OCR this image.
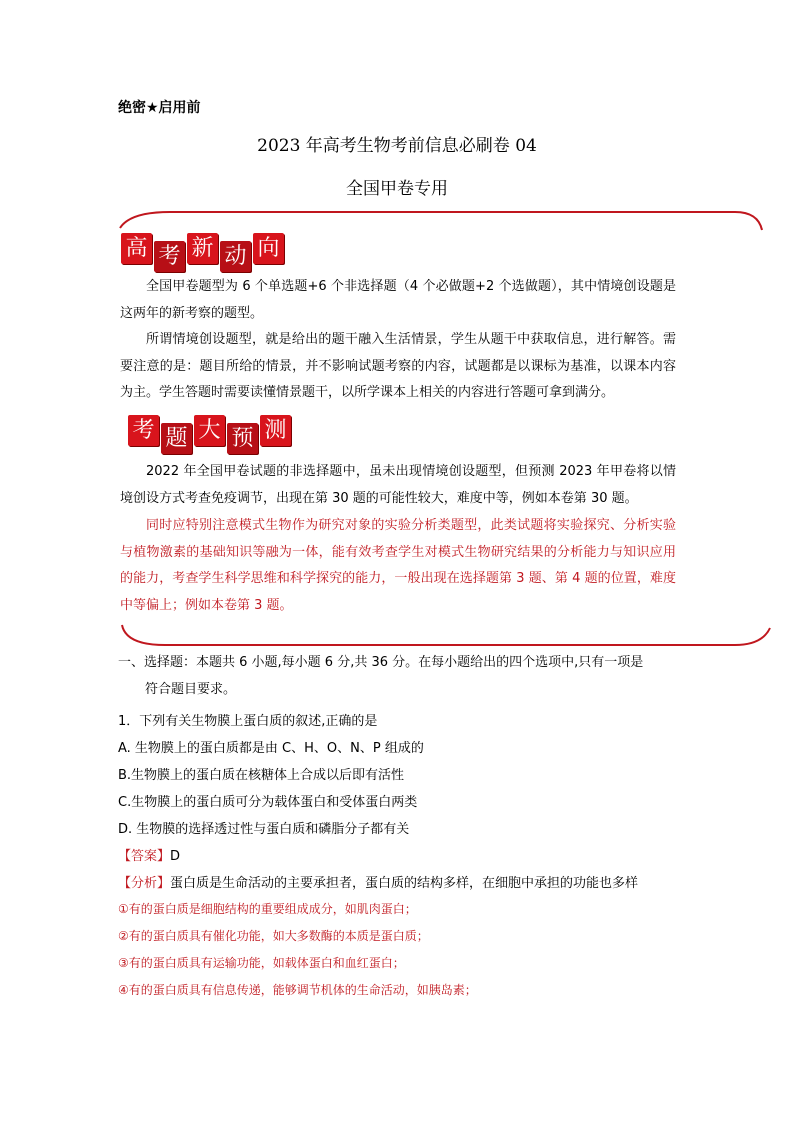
绝密★启用前
2023 年高考生物考前信息必刷卷 04
全国甲卷专用
高 考 新 动 向
全国甲卷题型为 6 个单选题+6 个非选择题（4 个必做题+2 个选做题），其中情境创设题是这两年的新考察的题型。
所谓情境创设题型，就是给出的题干融入生活情景，学生从题干中获取信息，进行解答。需要注意的是：题目所给的情景，并不影响试题考察的内容，试题都是以课标为基准，以课本内容为主。学生答题时需要读懂情景题干，以所学课本上相关的内容进行答题可拿到满分。
考 题 大 预 测
2022 年全国甲卷试题的非选择题中，虽未出现情境创设题型，但预测 2023 年甲卷将以情境创设方式考查免疫调节，出现在第 30 题的可能性较大，难度中等，例如本卷第 30 题。
同时应特别注意模式生物作为研究对象的实验分析类题型，此类试题将实验探究、分析实验与植物激素的基础知识等融为一体，能有效考查学生对模式生物研究结果的分析能力与知识应用的能力，考查学生科学思维和科学探究的能力，一般出现在选择题第 3 题、第 4 题的位置，难度中等偏上；例如本卷第 3 题。
一、选择题：本题共 6 小题,每小题 6 分,共 36 分。在每小题给出的四个选项中,只有一项是
符合题目要求。
1．下列有关生物膜上蛋白质的叙述,正确的是
A. 生物膜上的蛋白质都是由 C、H、O、N、P 组成的
B.生物膜上的蛋白质在核糖体上合成以后即有活性
C.生物膜上的蛋白质可分为载体蛋白和受体蛋白两类
D. 生物膜的选择透过性与蛋白质和磷脂分子都有关
【答案】D
【分析】蛋白质是生命活动的主要承担者，蛋白质的结构多样，在细胞中承担的功能也多样
①有的蛋白质是细胞结构的重要组成成分，如肌肉蛋白；
②有的蛋白质具有催化功能，如大多数酶的本质是蛋白质；
③有的蛋白质具有运输功能，如载体蛋白和血红蛋白；
④有的蛋白质具有信息传递，能够调节机体的生命活动，如胰岛素；
